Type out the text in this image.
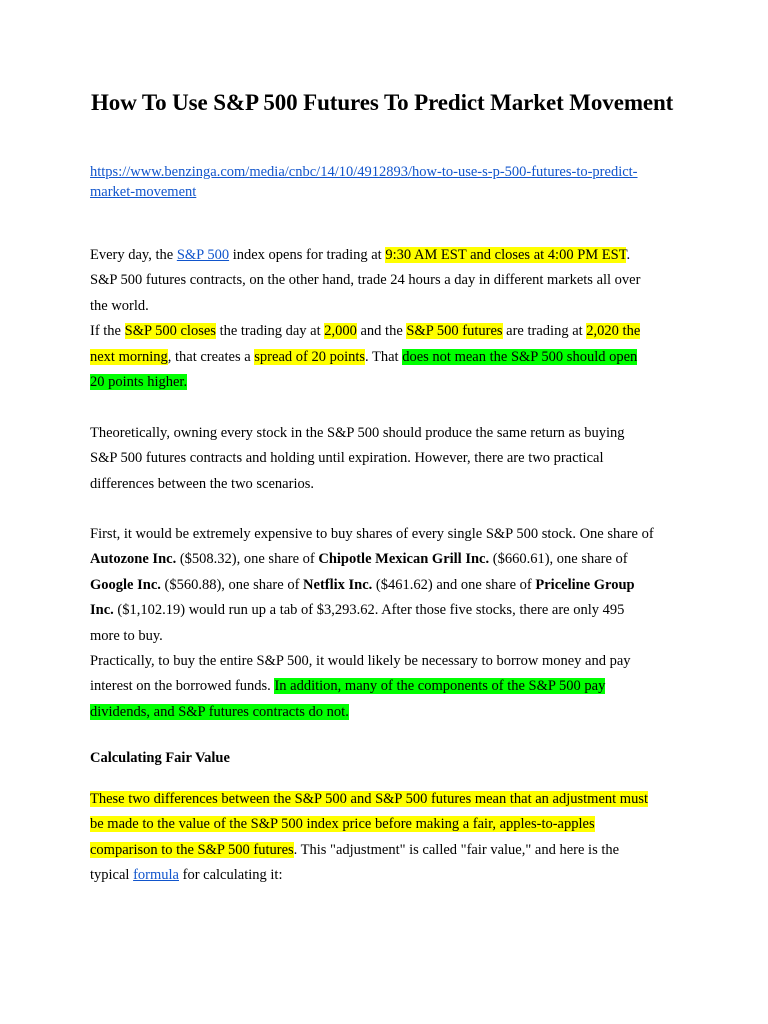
How To Use S&P 500 Futures To Predict Market Movement

https://www.benzinga.com/media/cnbc/14/10/4912893/how-to-use-s-p-500-futures-to-predict-
market-movement

Every day, the S&P 500 index opens for trading at 9:30 AM EST and closes at 4:00 PM EST.
S&P 500 futures contracts, on the other hand, trade 24 hours a day in different markets all over
the world.
If the S&P 500 closes the trading day at 2,000 and the S&P 500 futures are trading at 2,020 the
next morning, that creates a spread of 20 points. That does not mean the S&P 500 should open
20 points higher.

Theoretically, owning every stock in the S&P 500 should produce the same return as buying
S&P 500 futures contracts and holding until expiration. However, there are two practical
differences between the two scenarios.

First, it would be extremely expensive to buy shares of every single S&P 500 stock. One share of
Autozone Inc. ($508.32), one share of Chipotle Mexican Grill Inc. ($660.61), one share of
Google Inc. ($560.88), one share of Netflix Inc. ($461.62) and one share of Priceline Group
Inc. ($1,102.19) would run up a tab of $3,293.62. After those five stocks, there are only 495
more to buy.
Practically, to buy the entire S&P 500, it would likely be necessary to borrow money and pay
interest on the borrowed funds. In addition, many of the components of the S&P 500 pay
dividends, and S&P futures contracts do not.

Calculating Fair Value

These two differences between the S&P 500 and S&P 500 futures mean that an adjustment must
be made to the value of the S&P 500 index price before making a fair, apples-to-apples
comparison to the S&P 500 futures. This "adjustment" is called "fair value," and here is the
typical formula for calculating it:
